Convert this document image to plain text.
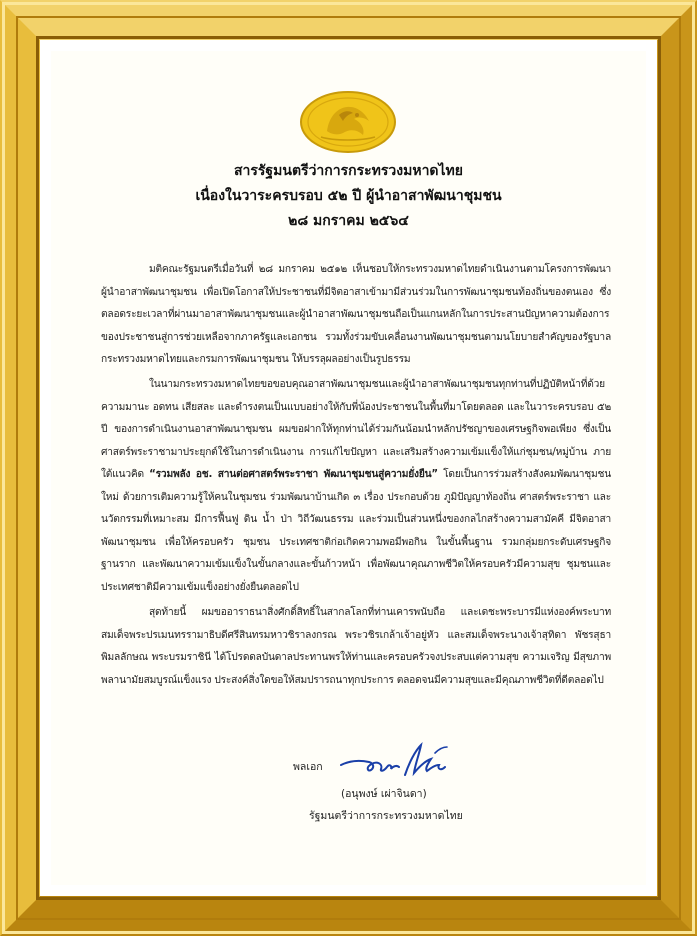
สารรัฐมนตรีว่าการกระทรวงมหาดไทย
เนื่องในวาระครบรอบ ๕๒ ปี ผู้นำอาสาพัฒนาชุมชน
๒๘ มกราคม ๒๕๖๔

มติคณะรัฐมนตรีเมื่อวันที่ ๒๘ มกราคม ๒๕๑๒ เห็นชอบให้กระทรวงมหาดไทยดำเนินงานตามโครงการพัฒนาผู้นำอาสาพัฒนาชุมชน เพื่อเปิดโอกาสให้ประชาชนที่มีจิตอาสาเข้ามามีส่วนร่วมในการพัฒนาชุมชนท้องถิ่นของตนเอง ซึ่งตลอดระยะเวลาที่ผ่านมาอาสาพัฒนาชุมชนและผู้นำอาสาพัฒนาชุมชนถือเป็นแกนหลักในการประสานปัญหาความต้องการของประชาชนสู่การช่วยเหลือจากภาครัฐและเอกชน รวมทั้งร่วมขับเคลื่อนงานพัฒนาชุมชนตามนโยบายสำคัญของรัฐบาล กระทรวงมหาดไทยและกรมการพัฒนาชุมชน ให้บรรลุผลอย่างเป็นรูปธรรม

ในนามกระทรวงมหาดไทยขอขอบคุณอาสาพัฒนาชุมชนและผู้นำอาสาพัฒนาชุมชนทุกท่านที่ปฏิบัติหน้าที่ด้วยความมานะ อดทน เสียสละ และดำรงตนเป็นแบบอย่างให้กับพี่น้องประชาชนในพื้นที่มาโดยตลอด และในวาระครบรอบ ๕๒ ปี ของการดำเนินงานอาสาพัฒนาชุมชน ผมขอฝากให้ทุกท่านได้ร่วมกันน้อมนำหลักปรัชญาของเศรษฐกิจพอเพียง ซึ่งเป็นศาสตร์พระราชามาประยุกต์ใช้ในการดำเนินงาน การแก้ไขปัญหา และเสริมสร้างความเข้มแข็งให้แก่ชุมชน/หมู่บ้าน ภายใต้แนวคิด “รวมพลัง อช. สานต่อศาสตร์พระราชา พัฒนาชุมชนสู่ความยั่งยืน” โดยเป็นการร่วมสร้างสังคมพัฒนาชุมชนใหม่ ด้วยการเติมความรู้ให้คนในชุมชน ร่วมพัฒนาบ้านเกิด ๓ เรื่อง ประกอบด้วย ภูมิปัญญาท้องถิ่น ศาสตร์พระราชา และนวัตกรรมที่เหมาะสม มีการฟื้นฟู ดิน น้ำ ป่า วิถีวัฒนธรรม และร่วมเป็นส่วนหนึ่งของกลไกสร้างความสามัคคี มีจิตอาสาพัฒนาชุมชน เพื่อให้ครอบครัว ชุมชน ประเทศชาติก่อเกิดความพอมีพอกิน ในขั้นพื้นฐาน รวมกลุ่มยกระดับเศรษฐกิจฐานราก และพัฒนาความเข้มแข็งในขั้นกลางและขั้นก้าวหน้า เพื่อพัฒนาคุณภาพชีวิตให้ครอบครัวมีความสุข ชุมชนและประเทศชาติมีความเข้มแข็งอย่างยั่งยืนตลอดไป

สุดท้ายนี้ ผมขออาราธนาสิ่งศักดิ์สิทธิ์ในสากลโลกที่ท่านเคารพนับถือ และเดชะพระบารมีแห่งองค์พระบาทสมเด็จพระปรเมนทรรามาธิบดีศรีสินทรมหาวชิราลงกรณ พระวชิรเกล้าเจ้าอยู่หัว และสมเด็จพระนางเจ้าสุทิดา พัชรสุธาพิมลลักษณ พระบรมราชินี ได้โปรดดลบันดาลประทานพรให้ท่านและครอบครัวจงประสบแต่ความสุข ความเจริญ มีสุขภาพพลานามัยสมบูรณ์แข็งแรง ประสงค์สิ่งใดขอให้สมปรารถนาทุกประการ ตลอดจนมีความสุขและมีคุณภาพชีวิตที่ดีตลอดไป

พลเอก
(อนุพงษ์ เผ่าจินดา)
รัฐมนตรีว่าการกระทรวงมหาดไทย
